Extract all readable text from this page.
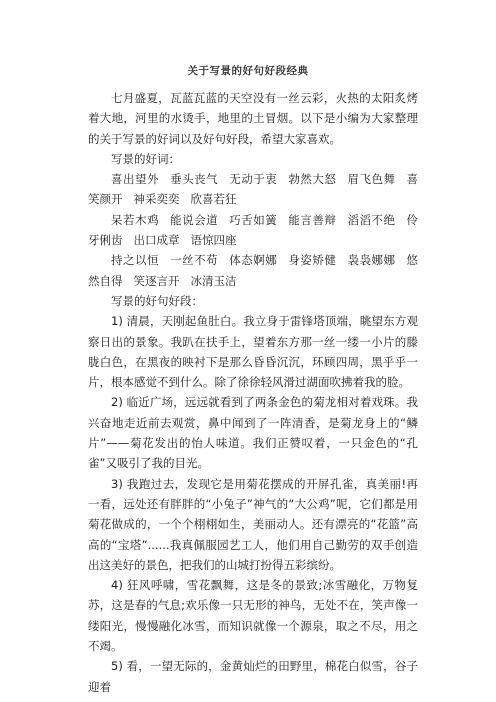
关于写景的好句好段经典

七月盛夏，瓦蓝瓦蓝的天空没有一丝云彩，火热的太阳炙烤着大地，河里的水烫手，地里的土冒烟。以下是小编为大家整理的关于写景的好词以及好句好段，希望大家喜欢。

写景的好词：

喜出望外 垂头丧气 无动于衷 勃然大怒 眉飞色舞 喜笑颜开 神采奕奕 欣喜若狂

呆若木鸡 能说会道 巧舌如簧 能言善辩 滔滔不绝 伶牙俐齿 出口成章 语惊四座

持之以恒 一丝不苟 体态婀娜 身姿矫健 袅袅娜娜 悠然自得 笑逐言开 冰清玉洁

写景的好句好段：

1) 清晨，天刚起鱼肚白。我立身于雷锋塔顶端，眺望东方观察日出的景象。我趴在扶手上，望着东方那一丝一缕一小片的滕胧白色，在黑夜的映衬下是那么昏昏沉沉，环顾四周，黑乎乎一片，根本感觉不到什么。除了徐徐轻风滑过湖面吹拂着我的脸。

2) 临近广场，远远就看到了两条金色的菊龙相对着戏珠。我兴奋地走近前去观赏，鼻中闻到了一阵清香，是菊龙身上的“鳞片”——菊花发出的怡人味道。我们正赞叹着，一只金色的“孔雀”又吸引了我的目光。

3) 我跑过去，发现它是用菊花摆成的开屏孔雀，真美丽!再一看，远处还有胖胖的“小兔子”神气的“大公鸡”呢，它们都是用菊花做成的，一个个栩栩如生，美丽动人。还有漂亮的“花篮”高高的“宝塔”......我真佩服园艺工人，他们用自己勤劳的双手创造出这美好的景色，把我们的山城打扮得五彩缤纷。

4) 狂风呼啸，雪花飘舞，这是冬的景致;冰雪融化，万物复苏，这是春的气息;欢乐像一只无形的神鸟，无处不在，笑声像一缕阳光，慢慢融化冰雪，而知识就像一个源泉，取之不尽，用之不竭。

5) 看，一望无际的，金黄灿烂的田野里，棉花白似雪，谷子迎着
